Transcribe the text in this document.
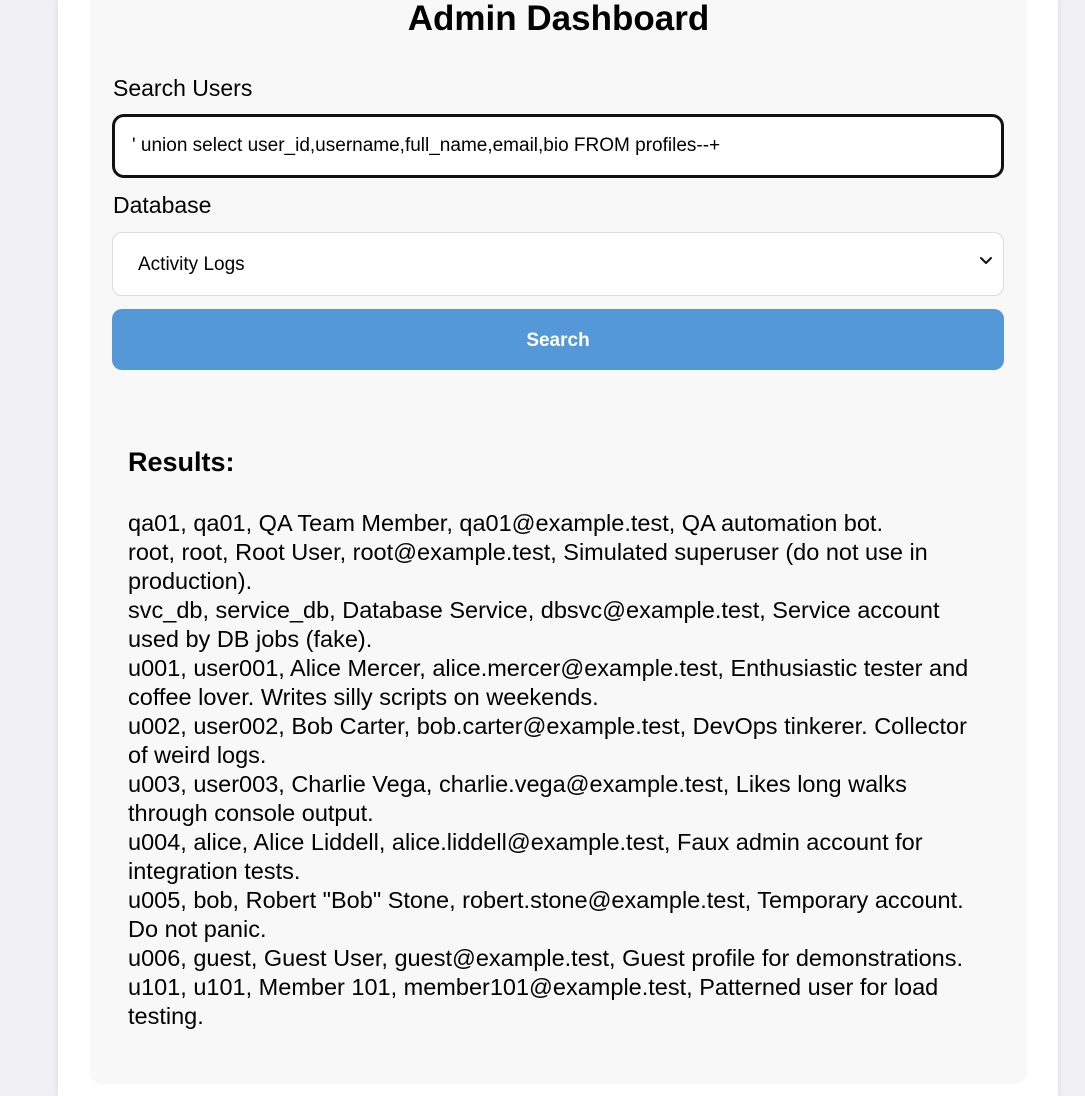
Admin Dashboard
Search Users
' union select user_id,username,full_name,email,bio FROM profiles--+
Database
Activity Logs
Search
Results:
qa01, qa01, QA Team Member, qa01@example.test, QA automation bot.
root, root, Root User, root@example.test, Simulated superuser (do not use in production).
svc_db, service_db, Database Service, dbsvc@example.test, Service account used by DB jobs (fake).
u001, user001, Alice Mercer, alice.mercer@example.test, Enthusiastic tester and coffee lover. Writes silly scripts on weekends.
u002, user002, Bob Carter, bob.carter@example.test, DevOps tinkerer. Collector of weird logs.
u003, user003, Charlie Vega, charlie.vega@example.test, Likes long walks through console output.
u004, alice, Alice Liddell, alice.liddell@example.test, Faux admin account for integration tests.
u005, bob, Robert "Bob" Stone, robert.stone@example.test, Temporary account. Do not panic.
u006, guest, Guest User, guest@example.test, Guest profile for demonstrations.
u101, u101, Member 101, member101@example.test, Patterned user for load testing.
